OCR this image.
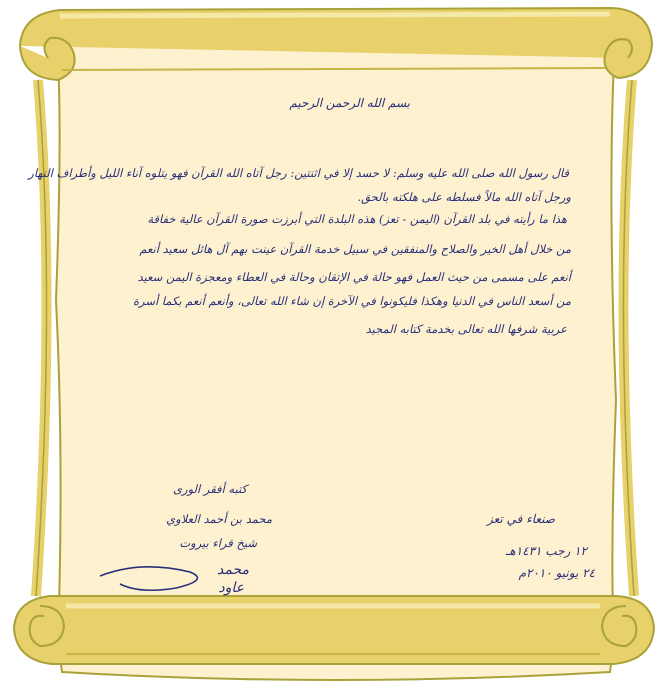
بسم الله الرحمن الرحيم
قال رسول الله صلى الله عليه وسلم: لا حسد إلا في اثنتين: رجل آتاه الله القرآن فهو يتلوه آناء الليل وأطراف النهار
ورجل آتاه الله مالاً فسلطه على هلكته بالحق.
هذا ما رأيته في بلد القرآن (اليمن - تعز) هذه البلدة التي أبرزت صورة القرآن عالية خفاقة
من خلال أهل الخير والصلاح والمنفقين في سبيل خدمة القرآن عينت بهم آل هائل سعيد أنعم
أنعم على مسمى من حيث العمل فهو حالة في الإتقان وحالة في العطاء ومعجزة اليمن سعيد
من أسعد الناس في الدنيا وهكذا فليكونوا في الآخرة إن شاء الله تعالى، وأنعم أنعم بكما أسرة
عربية شرفها الله تعالى بخدمة كتابه المجيد
كتبه أفقر الورى
محمد بن أحمد العلاوي
شيخ قراء بيروت
محمد
عاود
صنعاء في تعز
١٢ رجب ١٤٣١هـ
٢٤ يونيو ٢٠١٠م
